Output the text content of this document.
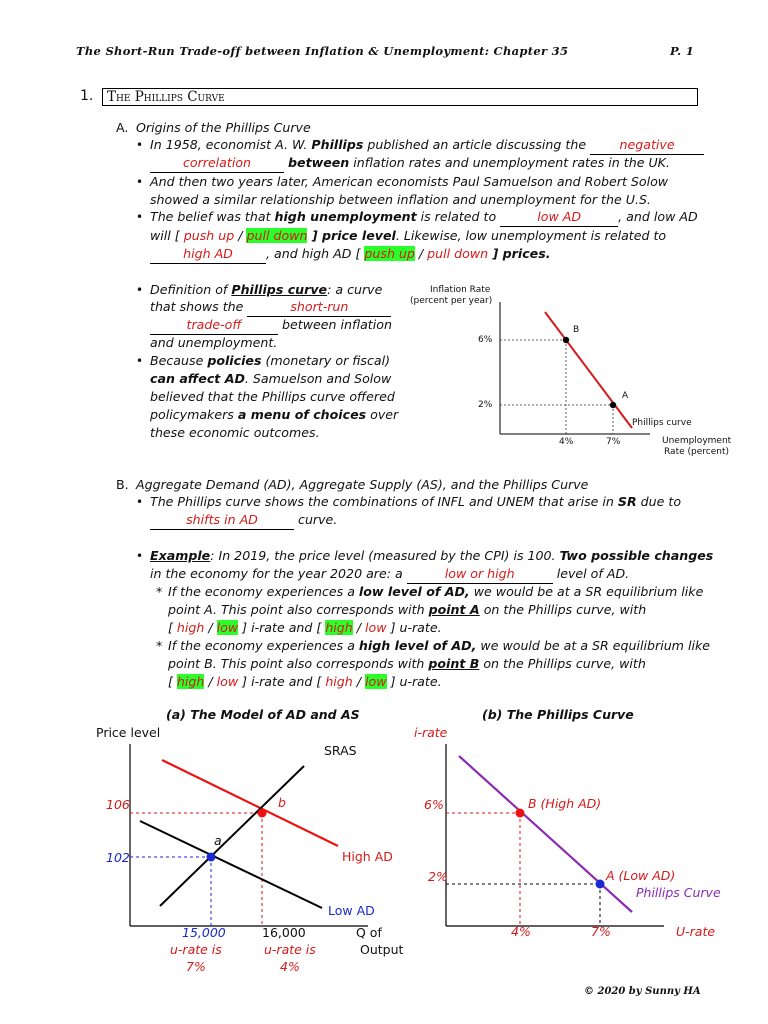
The Short-Run Trade-off between Inflation & Unemployment: Chapter 35	P. 1
1.	The Phillips Curve
A. Origins of the Phillips Curve
• In 1958, economist A. W. Phillips published an article discussing the	negative
correlation	between inflation rates and unemployment rates in the UK.
• And then two years later, American economists Paul Samuelson and Robert Solow
showed a similar relationship between inflation and unemployment for the U.S.
• The belief was that high unemployment is related to	low AD	, and low AD
will [ push up / pull down ] price level. Likewise, low unemployment is related to
high AD	, and high AD [ push up / pull down ] prices.
• Definition of Phillips curve: a curve
that shows the	short-run
trade-off	between inflation
and unemployment.
• Because policies (monetary or fiscal)
can affect AD. Samuelson and Solow
believed that the Phillips curve offered
policymakers a menu of choices over
these economic outcomes.
Inflation Rate
(percent per year)
6%
2%
4%	7%	Unemployment
Rate (percent)
B
A
Phillips curve
B. Aggregate Demand (AD), Aggregate Supply (AS), and the Phillips Curve
• The Phillips curve shows the combinations of INFL and UNEM that arise in SR due to
shifts in AD	curve.
• Example: In 2019, the price level (measured by the CPI) is 100. Two possible changes
in the economy for the year 2020 are: a	low or high	level of AD.
* If the economy experiences a low level of AD, we would be at a SR equilibrium like
point A. This point also corresponds with point A on the Phillips curve, with
[ high / low ] i-rate and [ high / low ] u-rate.
* If the economy experiences a high level of AD, we would be at a SR equilibrium like
point B. This point also corresponds with point B on the Phillips curve, with
[ high / low ] i-rate and [ high / low ] u-rate.
(a) The Model of AD and AS	(b) The Phillips Curve
Price level
SRAS
High AD
Low AD
a
b
106
102
15,000	16,000	Q of
Output
u-rate is
7%
u-rate is
4%
i-rate
6%
2%
4%	7%	U-rate
B (High AD)
A (Low AD)
Phillips Curve
© 2020 by Sunny HA
